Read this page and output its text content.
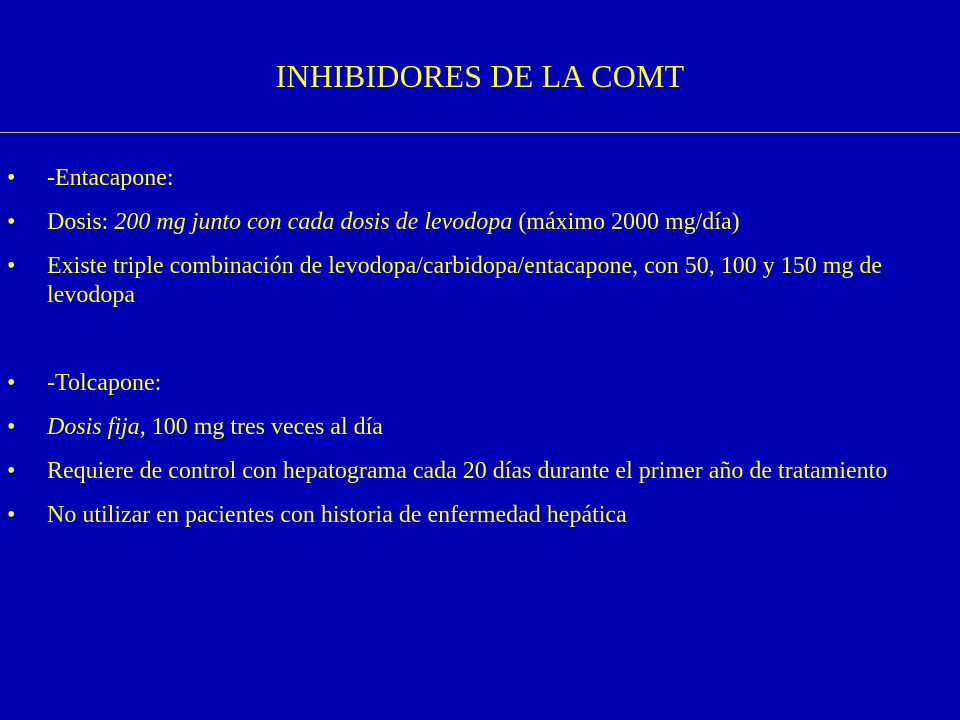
INHIBIDORES DE LA COMT
•	-Entacapone:
•	Dosis: 200 mg junto con cada dosis de levodopa (máximo 2000 mg/día)
•	Existe triple combinación de levodopa/carbidopa/entacapone, con 50, 100 y 150 mg de levodopa
•	-Tolcapone:
•	Dosis fija, 100 mg tres veces al día
•	Requiere de control con hepatograma cada 20 días durante el primer año de tratamiento
•	No utilizar en pacientes con historia de enfermedad hepática
